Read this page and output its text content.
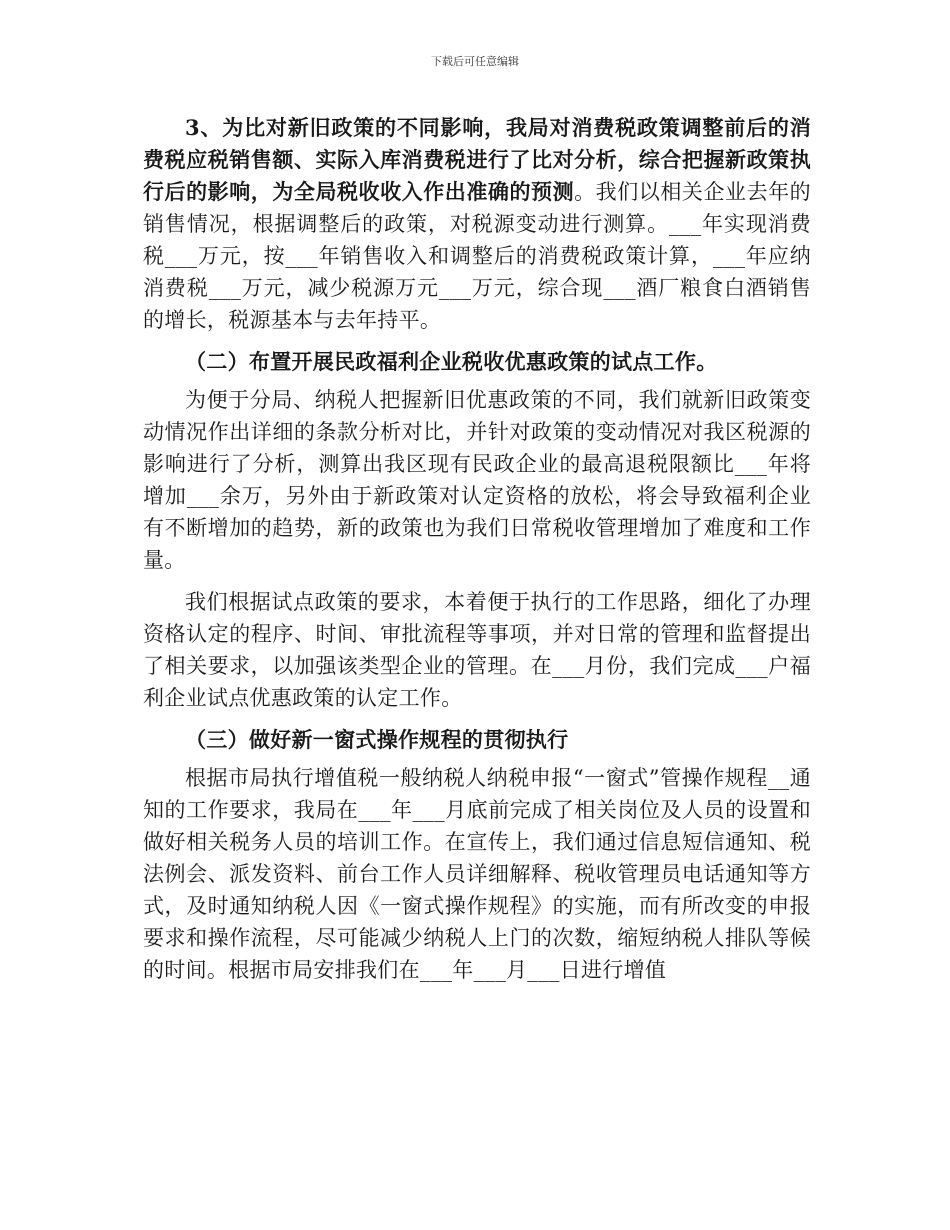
下载后可任意编辑

3、为比对新旧政策的不同影响，我局对消费税政策调整前后的消费税应税销售额、实际入库消费税进行了比对分析，综合把握新政策执行后的影响，为全局税收收入作出准确的预测。我们以相关企业去年的销售情况，根据调整后的政策，对税源变动进行测算。___年实现消费税___万元，按___年销售收入和调整后的消费税政策计算，___年应纳消费税___万元，减少税源万元___万元，综合现___酒厂粮食白酒销售的增长，税源基本与去年持平。

（二）布置开展民政福利企业税收优惠政策的试点工作。

为便于分局、纳税人把握新旧优惠政策的不同，我们就新旧政策变动情况作出详细的条款分析对比，并针对政策的变动情况对我区税源的影响进行了分析，测算出我区现有民政企业的最高退税限额比___年将增加___余万，另外由于新政策对认定资格的放松，将会导致福利企业有不断增加的趋势，新的政策也为我们日常税收管理增加了难度和工作量。

我们根据试点政策的要求，本着便于执行的工作思路，细化了办理资格认定的程序、时间、审批流程等事项，并对日常的管理和监督提出了相关要求，以加强该类型企业的管理。在___月份，我们完成___户福利企业试点优惠政策的认定工作。

（三）做好新一窗式操作规程的贯彻执行

根据市局执行增值税一般纳税人纳税申报“一窗式”管操作规程__通知的工作要求，我局在___年___月底前完成了相关岗位及人员的设置和做好相关税务人员的培训工作。在宣传上，我们通过信息短信通知、税法例会、派发资料、前台工作人员详细解释、税收管理员电话通知等方式，及时通知纳税人因《一窗式操作规程》的实施，而有所改变的申报要求和操作流程，尽可能减少纳税人上门的次数，缩短纳税人排队等候的时间。根据市局安排我们在___年___月___日进行增值
